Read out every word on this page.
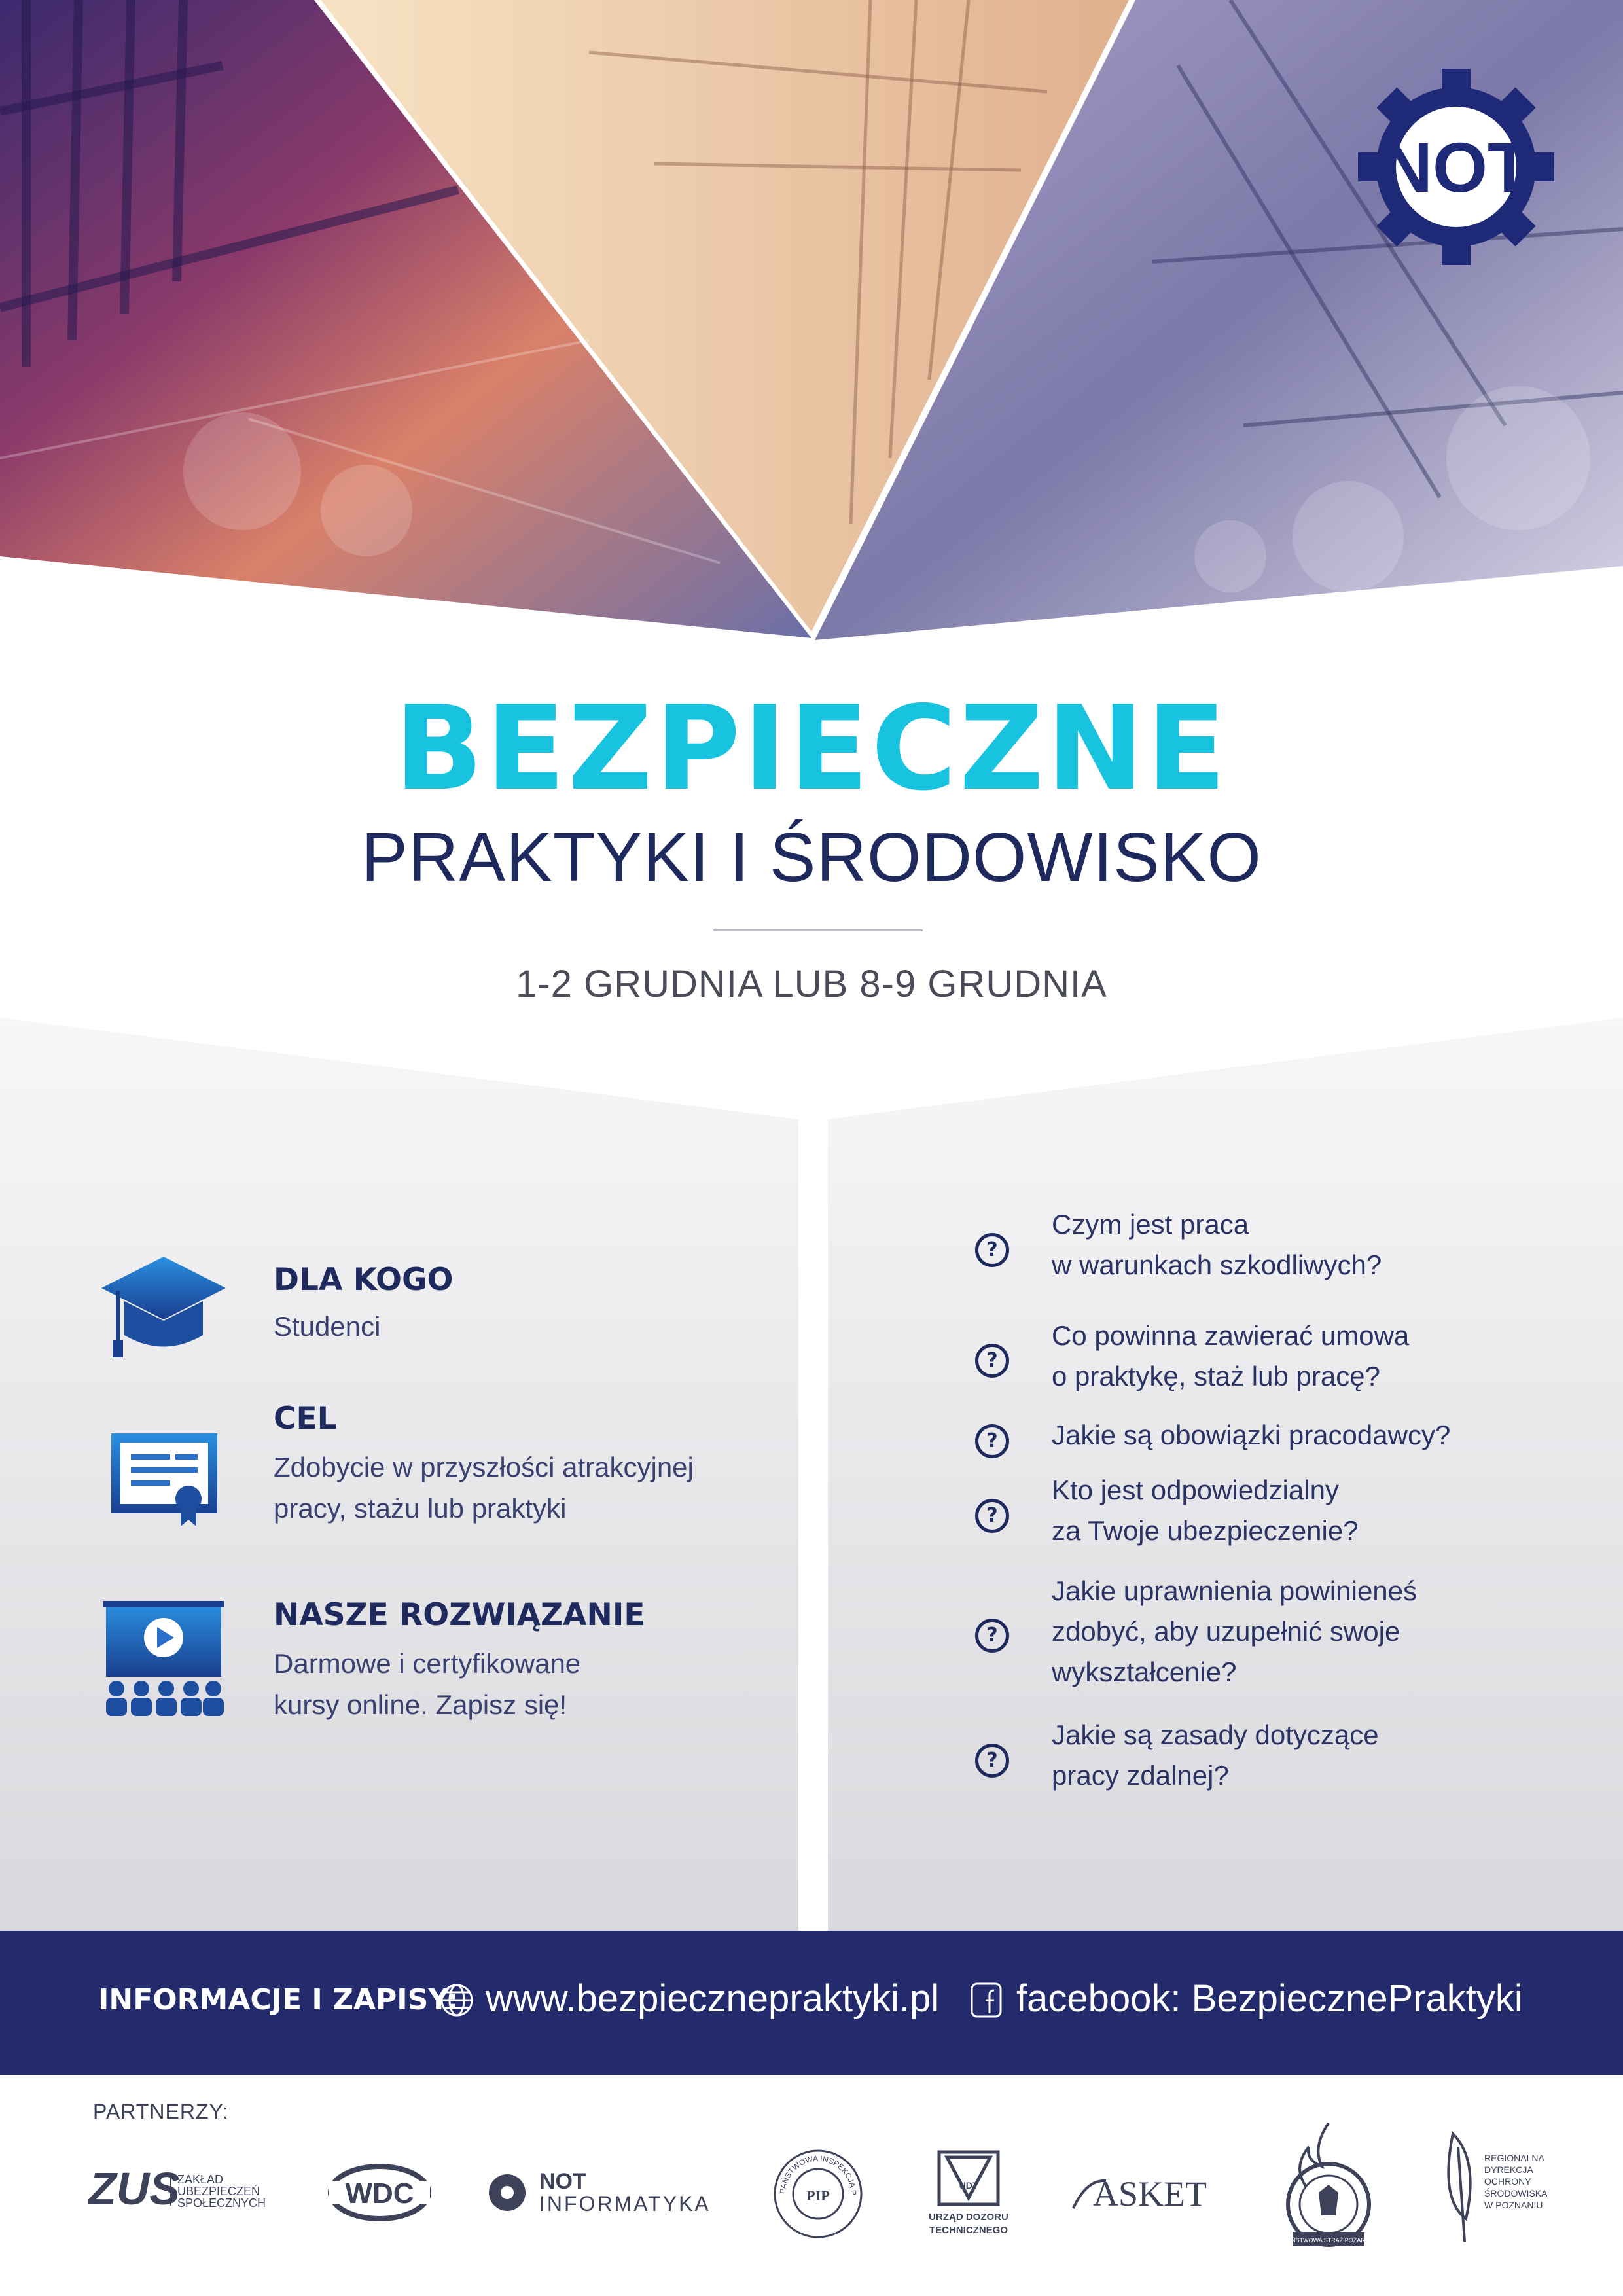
NOT
BEZPIECZNE
PRAKTYKI I ŚRODOWISKO
1-2 GRUDNIA LUB 8-9 GRUDNIA
DLA KOGO
Studenci
CEL
Zdobycie w przyszłości atrakcyjnej
pracy, stażu lub praktyki
NASZE ROZWIĄZANIE
Darmowe i certyfikowane
kursy online. Zapisz się!
?
Czym jest praca
w warunkach szkodliwych?
?
Co powinna zawierać umowa
o praktykę, staż lub pracę?
?	Jakie są obowiązki pracodawcy?
?
Kto jest odpowiedzialny
za Twoje ubezpieczenie?
?
Jakie uprawnienia powinieneś
zdobyć, aby uzupełnić swoje
wykształcenie?
?
Jakie są zasady dotyczące
pracy zdalnej?
INFORMACJE I ZAPISY: www.bezpiecznepraktyki.pl facebook: BezpiecznePraktyki
PARTNERZY:
ZUS
ZAKŁAD
UBEZPIECZEŃ
SPOŁECZNYCH	WDC	NOT
INFORMATYKA
PAŃSTWOWA INSPEKCJA P
PIP
UDT
URZĄD DOZORU
TECHNICZNEGO
ASKET
PAŃSTWOWA STRAŻ POŻARNA
REGIONALNA
DYREKCJA
OCHRONY
ŚRODOWISKA
W POZNANIU
